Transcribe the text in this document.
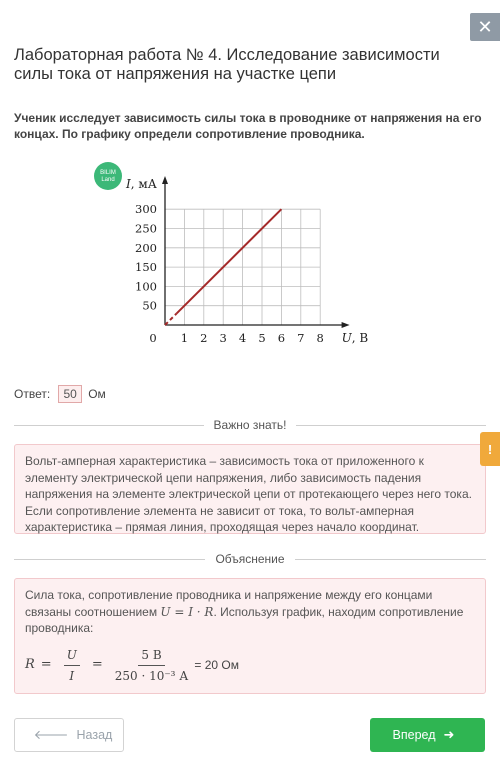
✕
Лабораторная работа № 4. Исследование зависимости силы тока от напряжения на участке цепи
Ученик исследует зависимость силы тока в проводнике от напряжения на его концах. По графику определи сопротивление проводника.
BILIM
Land
1 2 3 4 5 6 7 8
50
100
150
200
250
300
0
I, мА
U, В
Ответ:	50 Ом
Важно знать!
Вольт-амперная характеристика – зависимость тока от приложенного к элементу электрической цепи напряжения, либо зависимость падения напряжения на элементе электрической цепи от протекающего через него тока. Если сопротивление элемента не зависит от тока, то вольт-амперная характеристика – прямая линия, проходящая через начало координат.
!
Объяснение
Сила тока, сопротивление проводника и напряжение между его концами связаны соотношением U = I · R. Используя график, находим сопротивление проводника:
$R = \frac{U}{I} = \frac{5 В}{\text{250 · 10⁻³ А}} = 20$ Ом
🡐 Назад	Вперед ➜
